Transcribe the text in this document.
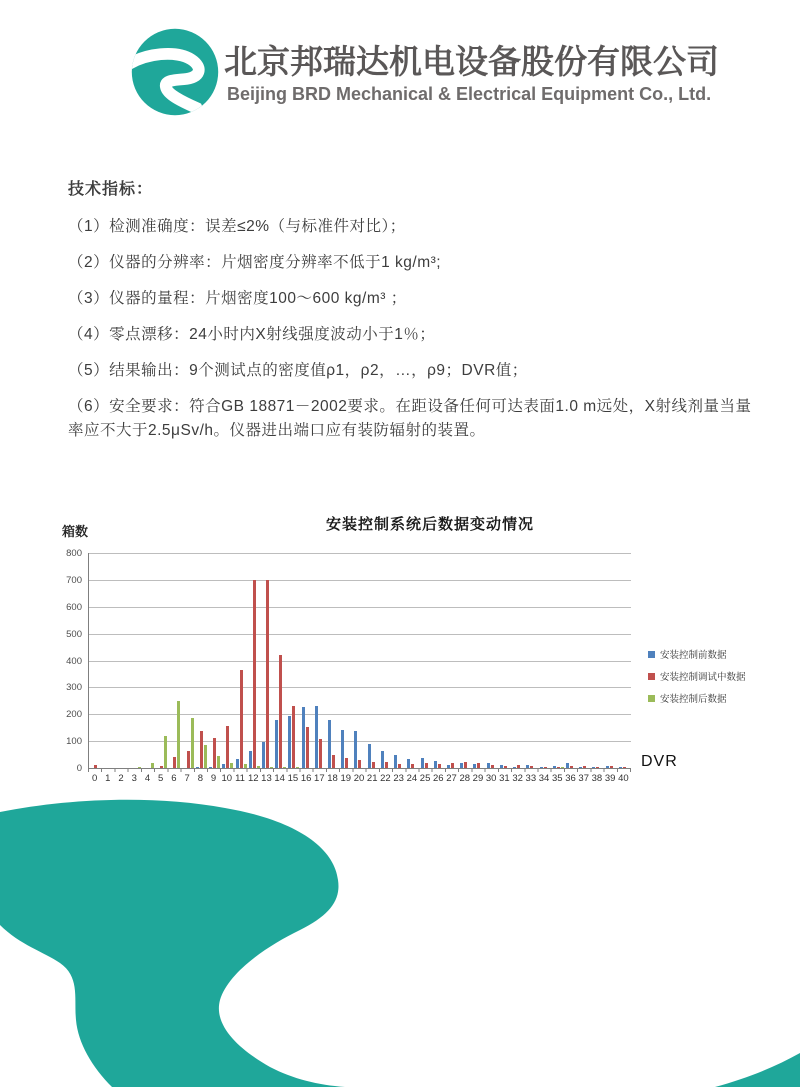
北京邦瑞达机电设备股份有限公司
Beijing BRD Mechanical & Electrical Equipment Co., Ltd.
技术指标：
（1）检测准确度：误差≤2%（与标准件对比）；
（2）仪器的分辨率：片烟密度分辨率不低于1 kg/m³;
（3）仪器的量程：片烟密度100～600 kg/m³ ；
（4）零点漂移：24小时内X射线强度波动小于1％；
（5）结果输出：9个测试点的密度值ρ1，ρ2，…，ρ9；DVR值；
（6）安全要求：符合GB 18871－2002要求。在距设备任何可达表面1.0 m远处，X射线剂量当量率应不大于2.5μSv/h。仪器进出端口应有装防辐射的装置。
安装控制系统后数据变动情况
箱数
0
100
200
300
400
500
600
700
800
0 1 2 3 4 5 6 7 8 9 10 11 12 13 14 15 16 17 18 19 20 21 22 23 24 25 26 27 28 29 30 31 32 33 34 35 36 37 38 39 40
DVR
安装控制前数据
安装控制调试中数据
安装控制后数据
